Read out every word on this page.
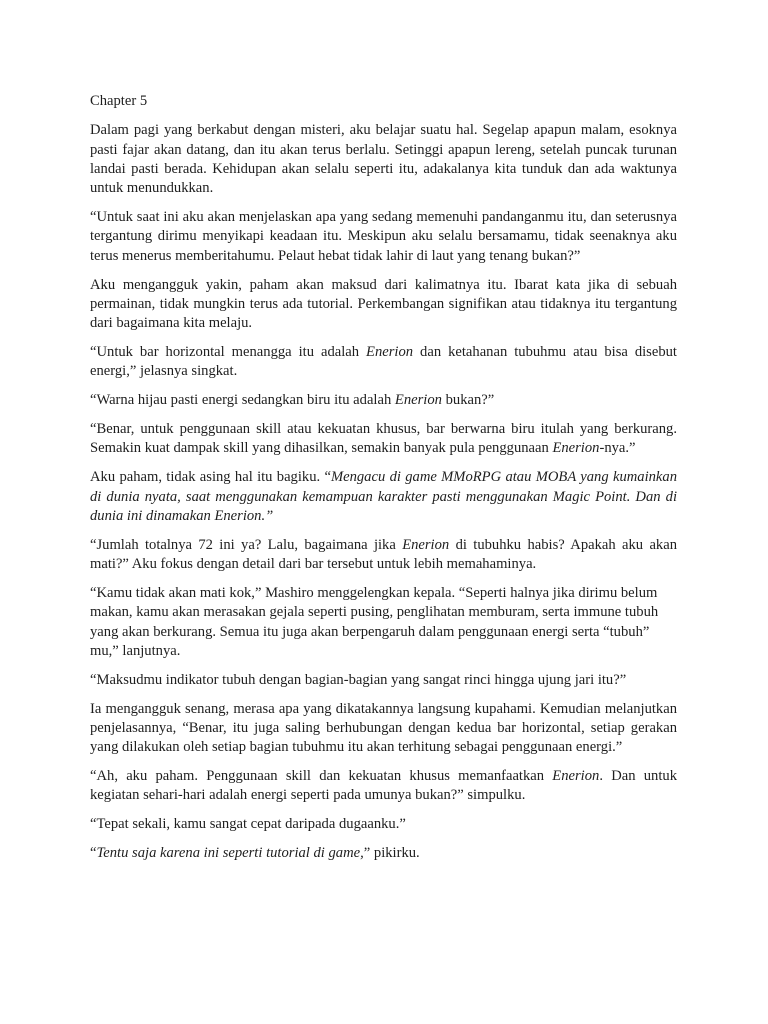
Chapter 5

Dalam pagi yang berkabut dengan misteri, aku belajar suatu hal. Segelap apapun malam, esoknya pasti fajar akan datang, dan itu akan terus berlalu. Setinggi apapun lereng, setelah puncak turunan landai pasti berada. Kehidupan akan selalu seperti itu, adakalanya kita tunduk dan ada waktunya untuk menundukkan.

“Untuk saat ini aku akan menjelaskan apa yang sedang memenuhi pandanganmu itu, dan seterusnya tergantung dirimu menyikapi keadaan itu. Meskipun aku selalu bersamamu, tidak seenaknya aku terus menerus memberitahumu. Pelaut hebat tidak lahir di laut yang tenang bukan?”

Aku mengangguk yakin, paham akan maksud dari kalimatnya itu. Ibarat kata jika di sebuah permainan, tidak mungkin terus ada tutorial. Perkembangan signifikan atau tidaknya itu tergantung dari bagaimana kita melaju.

“Untuk bar horizontal menangga itu adalah Enerion dan ketahanan tubuhmu atau bisa disebut energi,” jelasnya singkat.

“Warna hijau pasti energi sedangkan biru itu adalah Enerion bukan?”

“Benar, untuk penggunaan skill atau kekuatan khusus, bar berwarna biru itulah yang berkurang. Semakin kuat dampak skill yang dihasilkan, semakin banyak pula penggunaan Enerion-nya.”

Aku paham, tidak asing hal itu bagiku. “Mengacu di game MMoRPG atau MOBA yang kumainkan di dunia nyata, saat menggunakan kemampuan karakter pasti menggunakan Magic Point. Dan di dunia ini dinamakan Enerion.”

“Jumlah totalnya 72 ini ya? Lalu, bagaimana jika Enerion di tubuhku habis? Apakah aku akan mati?” Aku fokus dengan detail dari bar tersebut untuk lebih memahaminya.

“Kamu tidak akan mati kok,” Mashiro menggelengkan kepala. “Seperti halnya jika dirimu belum makan, kamu akan merasakan gejala seperti pusing, penglihatan memburam, serta immune tubuh yang akan berkurang. Semua itu juga akan berpengaruh dalam penggunaan energi serta “tubuh” mu,” lanjutnya.

“Maksudmu indikator tubuh dengan bagian-bagian yang sangat rinci hingga ujung jari itu?”

Ia mengangguk senang, merasa apa yang dikatakannya langsung kupahami. Kemudian melanjutkan penjelasannya, “Benar, itu juga saling berhubungan dengan kedua bar horizontal, setiap gerakan yang dilakukan oleh setiap bagian tubuhmu itu akan terhitung sebagai penggunaan energi.”

“Ah, aku paham. Penggunaan skill dan kekuatan khusus memanfaatkan Enerion. Dan untuk kegiatan sehari-hari adalah energi seperti pada umunya bukan?” simpulku.

“Tepat sekali, kamu sangat cepat daripada dugaanku.”

“Tentu saja karena ini seperti tutorial di game,” pikirku.
